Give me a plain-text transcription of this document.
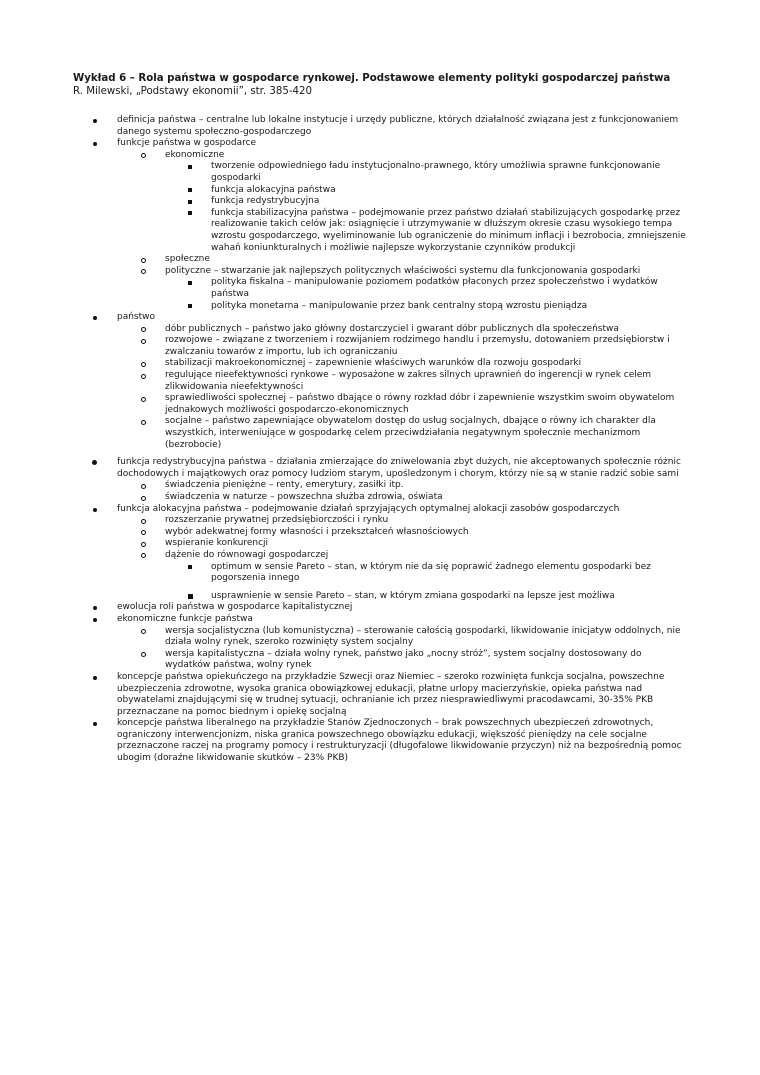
Wykład 6 – Rola państwa w gospodarce rynkowej. Podstawowe elementy polityki gospodarczej państwa
R. Milewski, „Podstawy ekonomii”, str. 385-420
definicja państwa – centralne lub lokalne instytucje i urzędy publiczne, których działalność związana jest z funkcjonowaniem danego systemu społeczno-gospodarczego
funkcje państwa w gospodarce
ekonomiczne
tworzenie odpowiedniego ładu instytucjonalno-prawnego, który umożliwia sprawne funkcjonowanie gospodarki
funkcja alokacyjna państwa
funkcja redystrybucyjna
funkcja stabilizacyjna państwa – podejmowanie przez państwo działań stabilizujących gospodarkę przez realizowanie takich celów jak: osiągnięcie i utrzymywanie w dłuższym okresie czasu wysokiego tempa wzrostu gospodarczego, wyeliminowanie lub ograniczenie do minimum inflacji i bezrobocia, zmniejszenie wahań koniunkturalnych i możliwie najlepsze wykorzystanie czynników produkcji
społeczne
polityczne – stwarzanie jak najlepszych politycznych właściwości systemu dla funkcjonowania gospodarki
polityka fiskalna – manipulowanie poziomem podatków płaconych przez społeczeństwo i wydatków państwa
polityka monetarna – manipulowanie przez bank centralny stopą wzrostu pieniądza
państwo
dóbr publicznych – państwo jako główny dostarczyciel i gwarant dóbr publicznych dla społeczeństwa
rozwojowe – związane z tworzeniem i rozwijaniem rodzimego handlu i przemysłu, dotowaniem przedsiębiorstw i zwalczaniu towarów z importu, lub ich ograniczaniu
stabilizacji makroekonomicznej – zapewnienie właściwych warunków dla rozwoju gospodarki
regulujące nieefektywności rynkowe – wyposażone w zakres silnych uprawnień do ingerencji w rynek celem zlikwidowania nieefektywności
sprawiedliwości społecznej – państwo dbające o równy rozkład dóbr i zapewnienie wszystkim swoim obywatelom jednakowych możliwości gospodarczo-ekonomicznych
socjalne – państwo zapewniające obywatelom dostęp do usług socjalnych, dbające o równy ich charakter dla wszystkich, interweniujące w gospodarkę celem przeciwdziałania negatywnym społecznie mechanizmom (bezrobocie)
funkcja redystrybucyjna państwa – działania zmierzające do zniwelowania zbyt dużych, nie akceptowanych społecznie różnic dochodowych i majątkowych oraz pomocy ludziom starym, upośledzonym i chorym, którzy nie są w stanie radzić sobie sami
świadczenia pieniężne – renty, emerytury, zasiłki itp.
świadczenia w naturze – powszechna służba zdrowia, oświata
funkcja alokacyjna państwa – podejmowanie działań sprzyjających optymalnej alokacji zasobów gospodarczych
rozszerzanie prywatnej przedsiębiorczości i rynku
wybór adekwatnej formy własności i przekształceń własnościowych
wspieranie konkurencji
dążenie do równowagi gospodarczej
optimum w sensie Pareto – stan, w którym nie da się poprawić żadnego elementu gospodarki bez pogorszenia innego
usprawnienie w sensie Pareto – stan, w którym zmiana gospodarki na lepsze jest możliwa
ewolucja roli państwa w gospodarce kapitalistycznej
ekonomiczne funkcje państwa
wersja socjalistyczna (lub komunistyczna) – sterowanie całością gospodarki, likwidowanie inicjatyw oddolnych, nie działa wolny rynek, szeroko rozwinięty system socjalny
wersja kapitalistyczna – działa wolny rynek, państwo jako „nocny stróż”, system socjalny dostosowany do wydatków państwa, wolny rynek
koncepcje państwa opiekuńczego na przykładzie Szwecji oraz Niemiec – szeroko rozwinięta funkcja socjalna, powszechne ubezpieczenia zdrowotne, wysoka granica obowiązkowej edukacji, płatne urlopy macierzyńskie, opieka państwa nad obywatelami znajdującymi się w trudnej sytuacji, ochranianie ich przez niesprawiedliwymi pracodawcami, 30-35% PKB przeznaczane na pomoc biednym i opiekę socjalną
koncepcje państwa liberalnego na przykładzie Stanów Zjednoczonych – brak powszechnych ubezpieczeń zdrowotnych, ograniczony interwencjonizm, niska granica powszechnego obowiązku edukacji, większość pieniędzy na cele socjalne przeznaczone raczej na programy pomocy i restrukturyzacji (długofalowe likwidowanie przyczyn) niż na bezpośrednią pomoc ubogim (doraźne likwidowanie skutków – 23% PKB)
